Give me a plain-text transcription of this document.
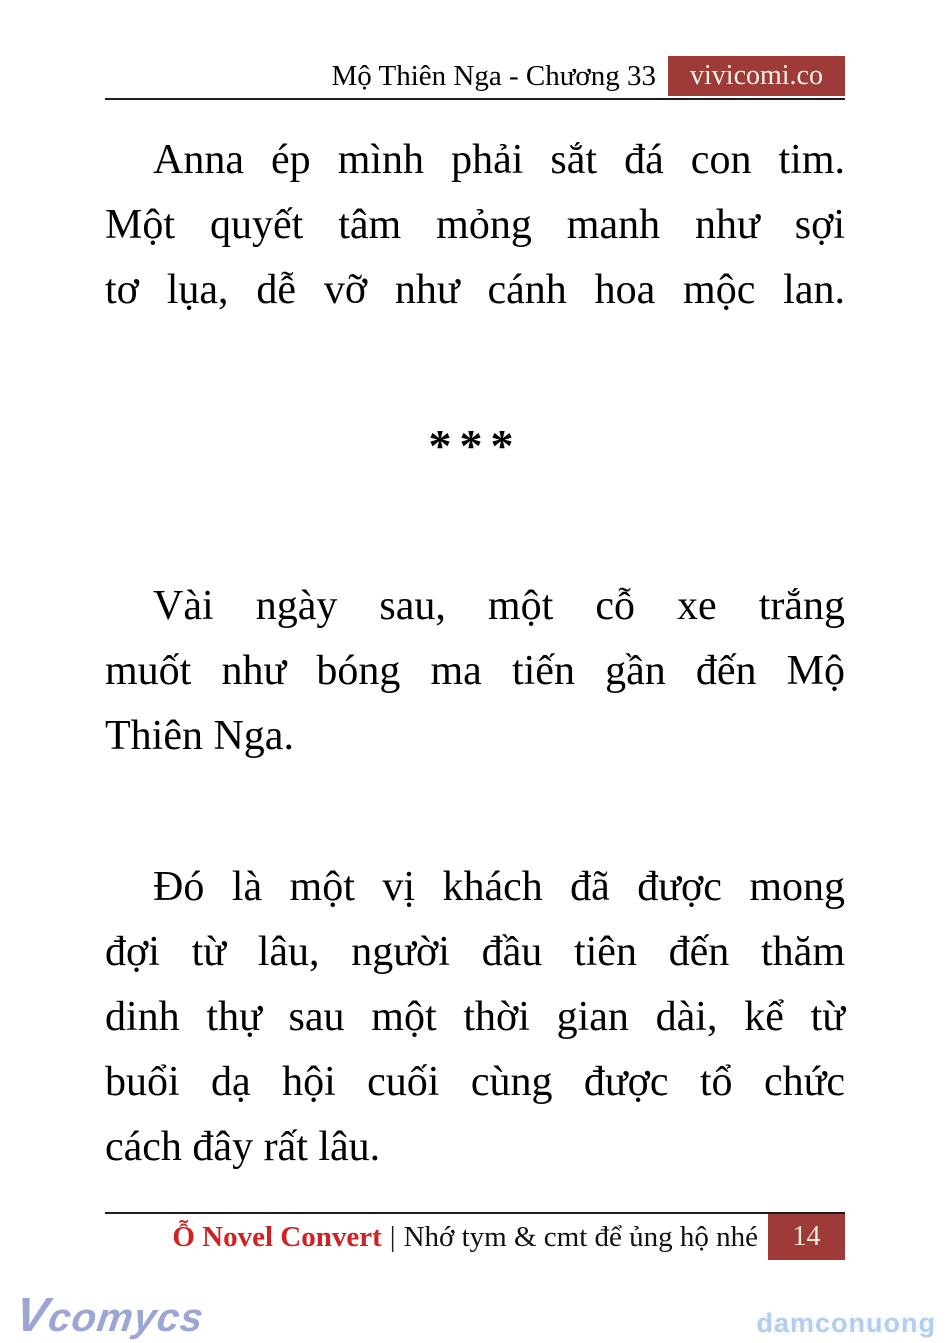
Mộ Thiên Nga - Chương 33	vivicomi.co
Anna ép mình phải sắt đá con tim.
Một quyết tâm mỏng manh như sợi
tơ lụa, dễ vỡ như cánh hoa mộc lan.
***
Vài ngày sau, một cỗ xe trắng
muốt như bóng ma tiến gần đến Mộ
Thiên Nga.
Đó là một vị khách đã được mong
đợi từ lâu, người đầu tiên đến thăm
dinh thự sau một thời gian dài, kể từ
buổi dạ hội cuối cùng được tổ chức
cách đây rất lâu.
Ỗ Novel Convert | Nhớ tym & cmt để ủng hộ nhé	14
Vcomycs	damconuong
